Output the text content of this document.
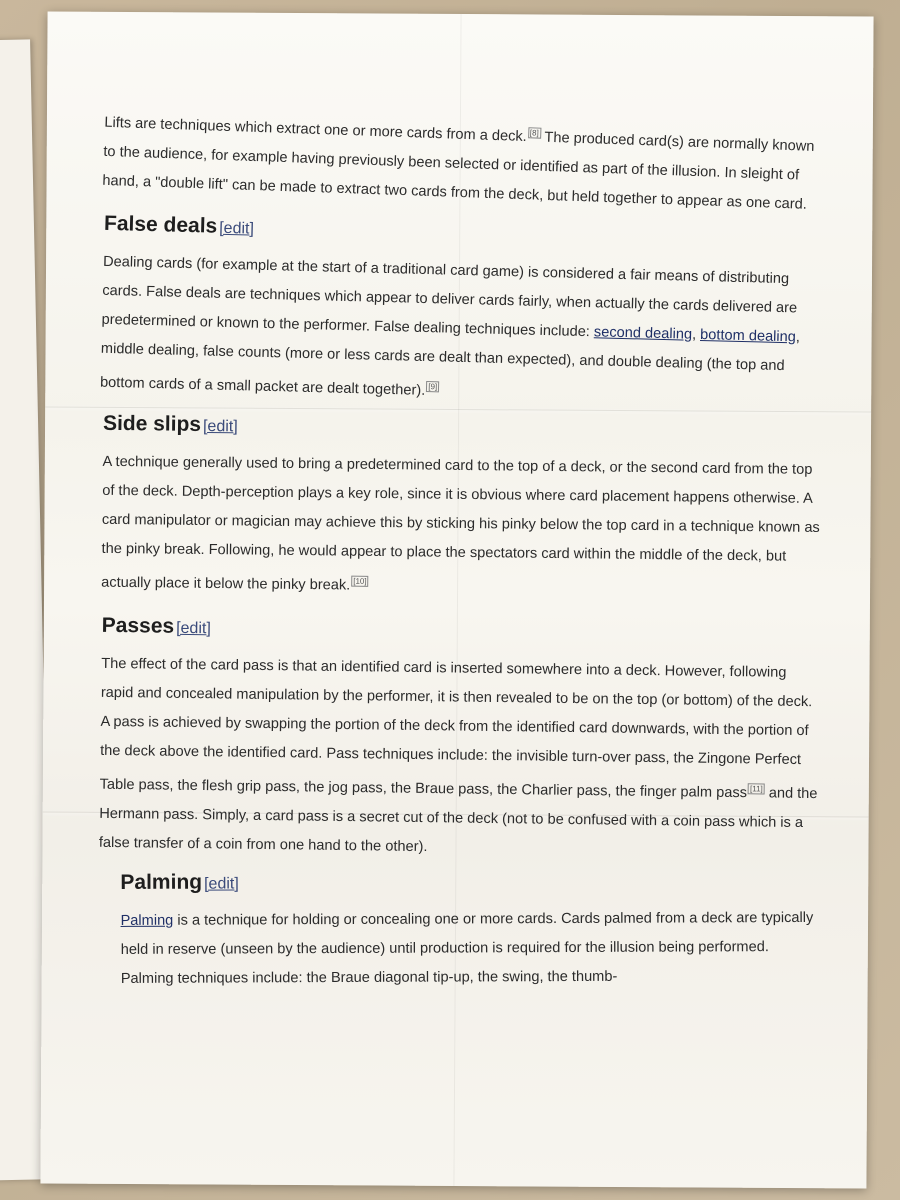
Lifts are techniques which extract one or more cards from a deck. [8] The produced card(s) are normally known to the audience, for example having previously been selected or identified as part of the illusion. In sleight of hand, a "double lift" can be made to extract two cards from the deck, but held together to appear as one card.

False deals [ edit ]

Dealing cards (for example at the start of a traditional card game) is considered a fair means of distributing cards. False deals are techniques which appear to deliver cards fairly, when actually the cards delivered are predetermined or known to the performer. False dealing techniques include: second dealing, bottom dealing, middle dealing, false counts (more or less cards are dealt than expected), and double dealing (the top and bottom cards of a small packet are dealt together). [9]

Side slips [ edit ]

A technique generally used to bring a predetermined card to the top of a deck, or the second card from the top of the deck. Depth-perception plays a key role, since it is obvious where card placement happens otherwise. A card manipulator or magician may achieve this by sticking his pinky below the top card in a technique known as the pinky break. Following, he would appear to place the spectators card within the middle of the deck, but actually place it below the pinky break. [10]

Passes [ edit ]

The effect of the card pass is that an identified card is inserted somewhere into a deck. However, following rapid and concealed manipulation by the performer, it is then revealed to be on the top (or bottom) of the deck. A pass is achieved by swapping the portion of the deck from the identified card downwards, with the portion of the deck above the identified card. Pass techniques include: the invisible turn-over pass, the Zingone Perfect Table pass, the flesh grip pass, the jog pass, the Braue pass, the Charlier pass, the finger palm pass [11] and the Hermann pass. Simply, a card pass is a secret cut of the deck (not to be confused with a coin pass which is a false transfer of a coin from one hand to the other).

Palming [ edit ]

Palming is a technique for holding or concealing one or more cards. Cards palmed from a deck are typically held in reserve (unseen by the audience) until production is required for the illusion being performed. Palming techniques include: the Braue diagonal tip-up, the swing, the thumb-
